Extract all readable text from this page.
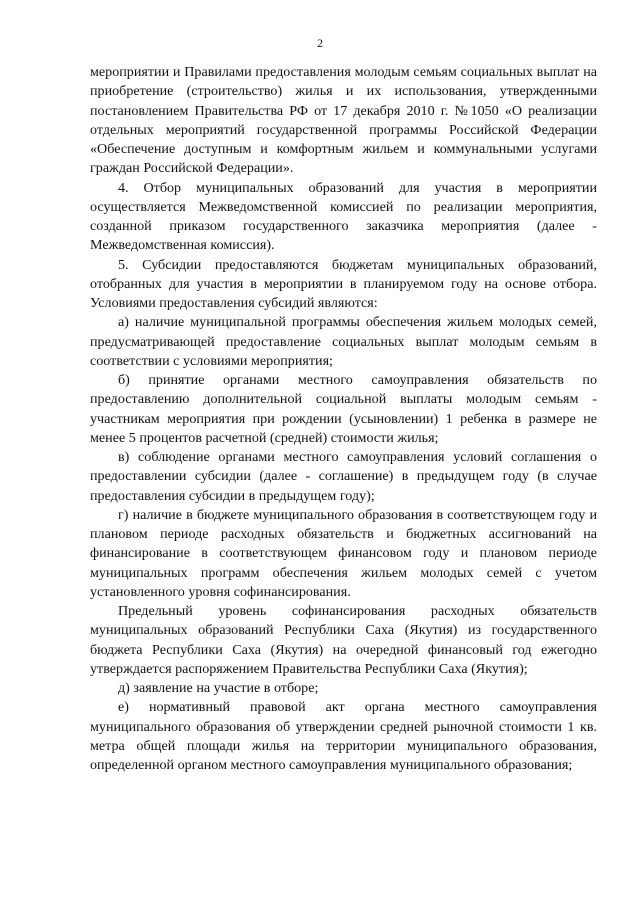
2

мероприятии и Правилами предоставления молодым семьям социальных выплат на приобретение (строительство) жилья и их использования, утвержденными постановлением Правительства РФ от 17 декабря 2010 г. №1050 «О реализации отдельных мероприятий государственной программы Российской Федерации «Обеспечение доступным и комфортным жильем и коммунальными услугами граждан Российской Федерации».

4. Отбор муниципальных образований для участия в мероприятии осуществляется Межведомственной комиссией по реализации мероприятия, созданной приказом государственного заказчика мероприятия (далее - Межведомственная комиссия).

5. Субсидии предоставляются бюджетам муниципальных образований, отобранных для участия в мероприятии в планируемом году на основе отбора. Условиями предоставления субсидий являются:

а) наличие муниципальной программы обеспечения жильем молодых семей, предусматривающей предоставление социальных выплат молодым семьям в соответствии с условиями мероприятия;

б) принятие органами местного самоуправления обязательств по предоставлению дополнительной социальной выплаты молодым семьям - участникам мероприятия при рождении (усыновлении) 1 ребенка в размере не менее 5 процентов расчетной (средней) стоимости жилья;

в) соблюдение органами местного самоуправления условий соглашения о предоставлении субсидии (далее - соглашение) в предыдущем году (в случае предоставления субсидии в предыдущем году);

г) наличие в бюджете муниципального образования в соответствующем году и плановом периоде расходных обязательств и бюджетных ассигнований на финансирование в соответствующем финансовом году и плановом периоде муниципальных программ обеспечения жильем молодых семей с учетом установленного уровня софинансирования.

Предельный уровень софинансирования расходных обязательств муниципальных образований Республики Саха (Якутия) из государственного бюджета Республики Саха (Якутия) на очередной финансовый год ежегодно утверждается распоряжением Правительства Республики Саха (Якутия);

д) заявление на участие в отборе;

е) нормативный правовой акт органа местного самоуправления муниципального образования об утверждении средней рыночной стоимости 1 кв. метра общей площади жилья на территории муниципального образования, определенной органом местного самоуправления муниципального образования;
